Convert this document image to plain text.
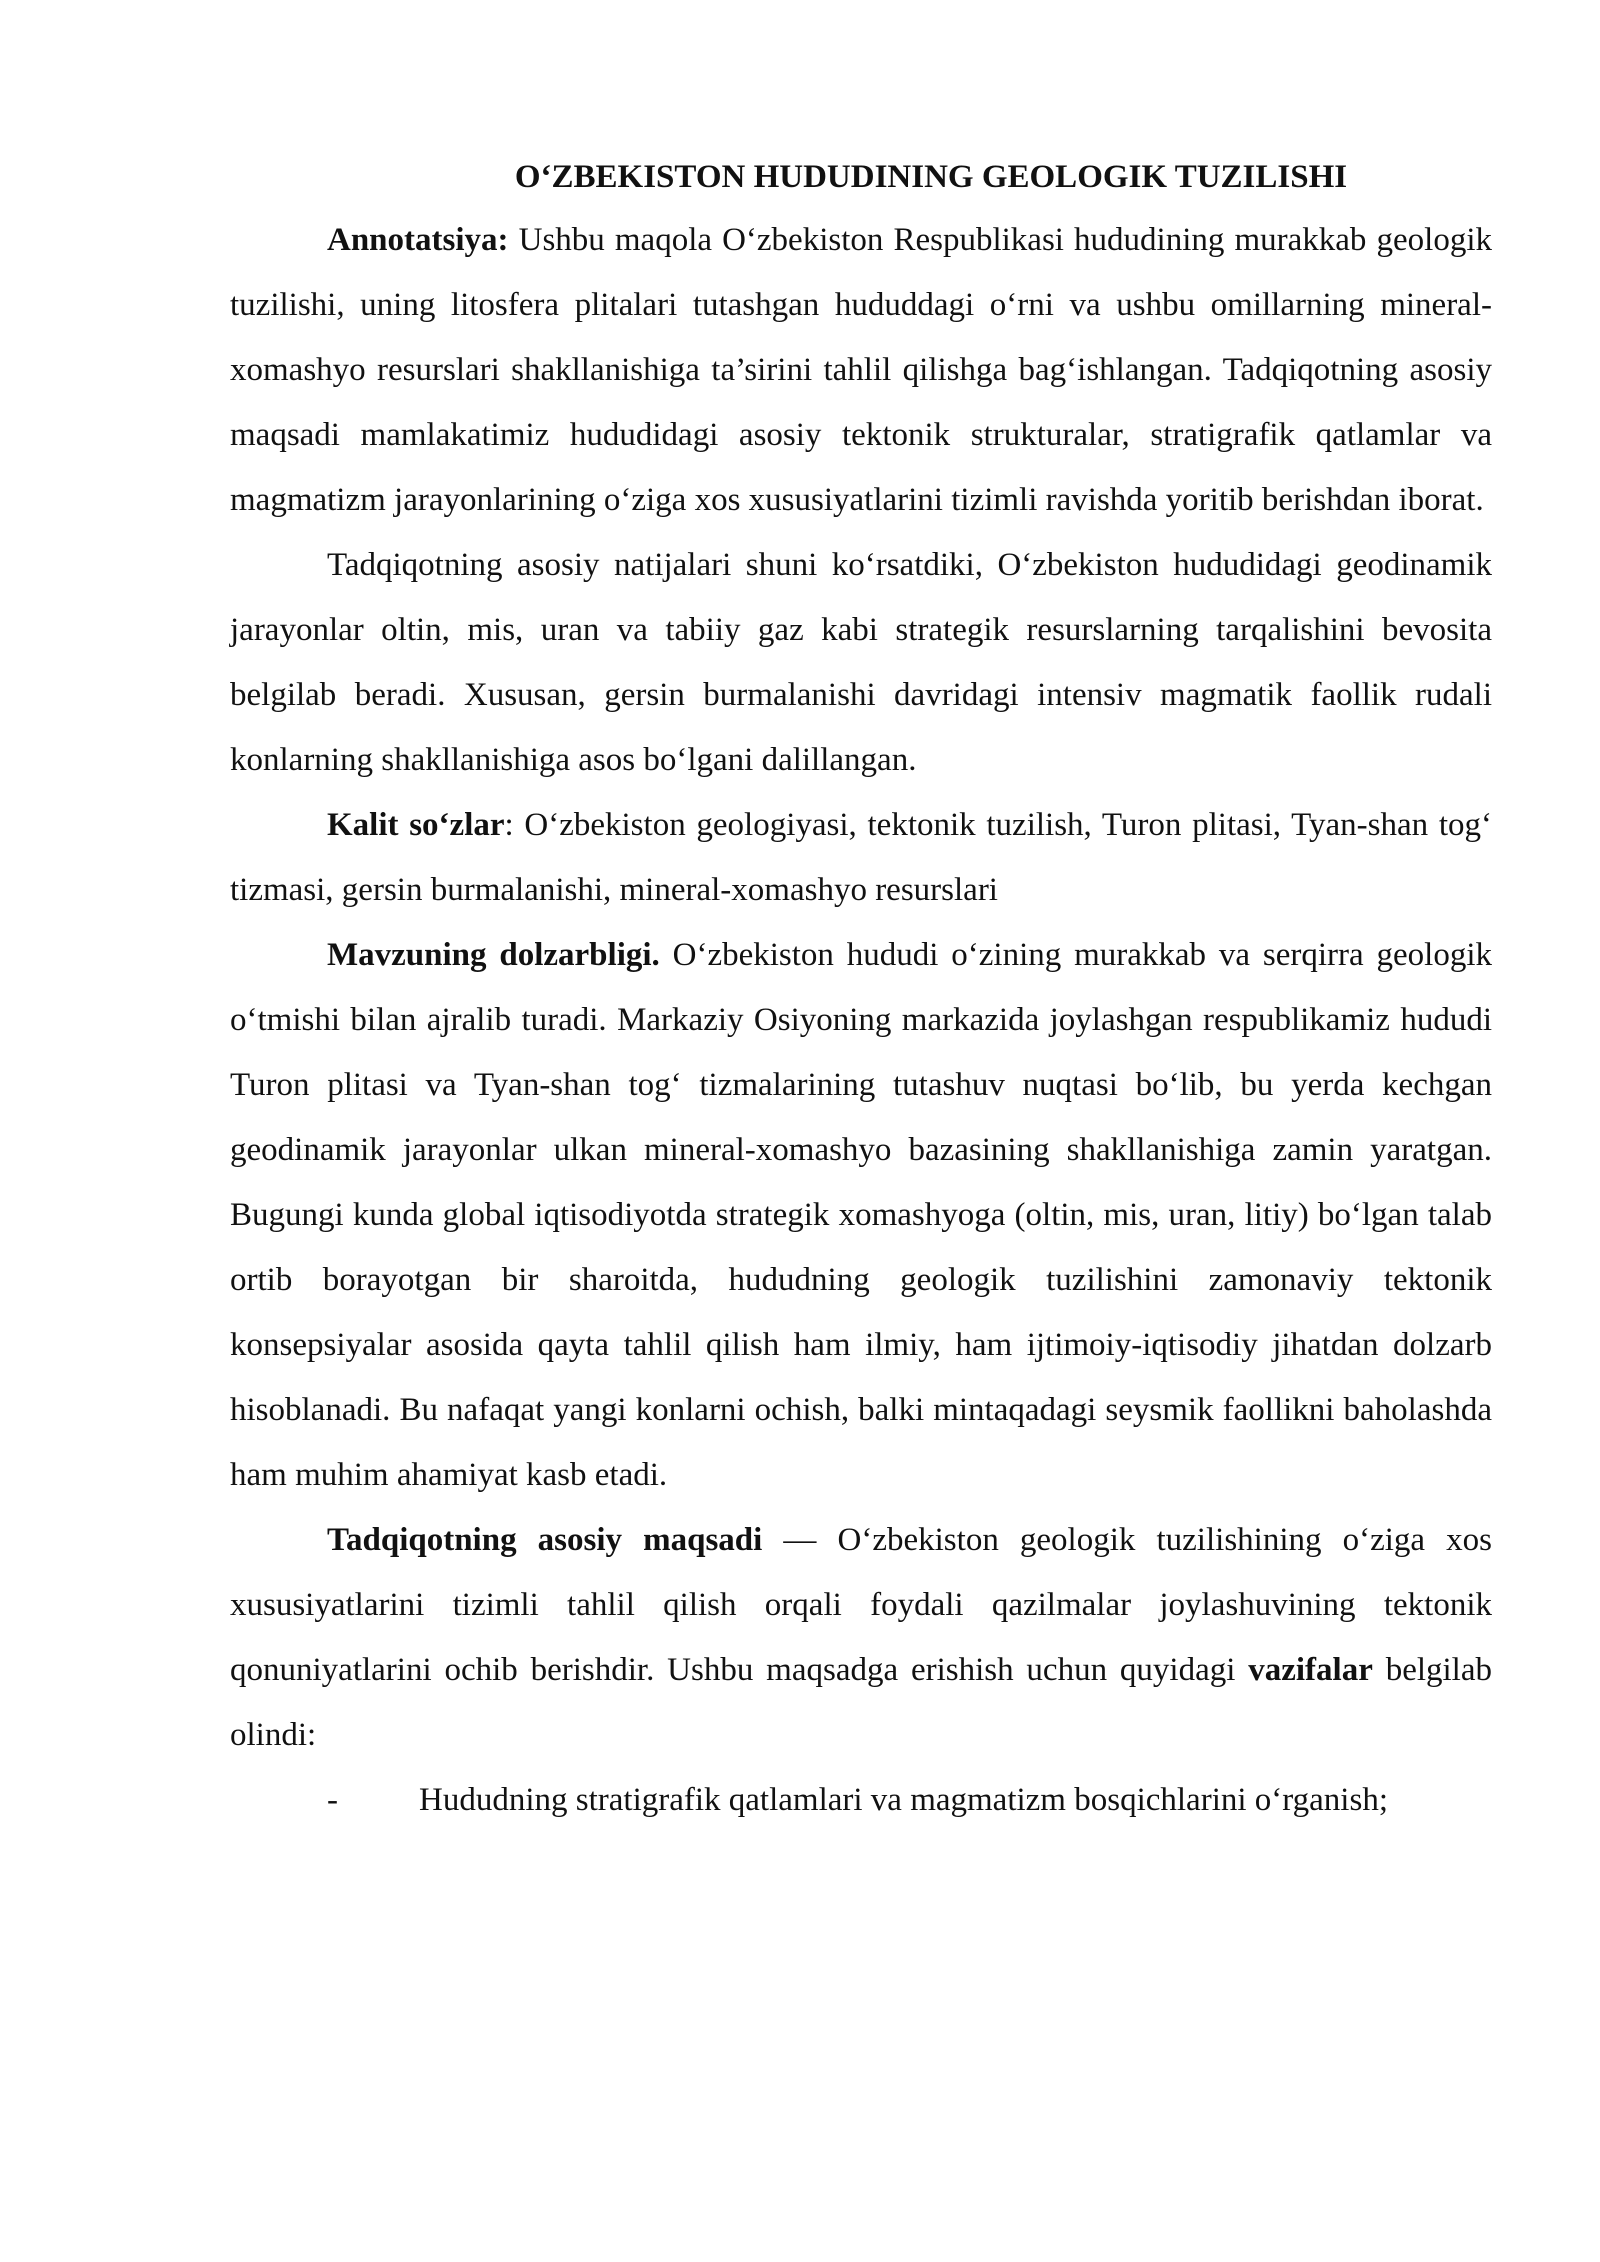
O‘ZBEKISTON HUDUDINING GEOLOGIK TUZILISHI

Annotatsiya: Ushbu maqola O‘zbekiston Respublikasi hududining murakkab geologik tuzilishi, uning litosfera plitalari tutashgan hududdagi o‘rni va ushbu omillarning mineral-xomashyo resurslari shakllanishiga ta’sirini tahlil qilishga bag‘ishlangan. Tadqiqotning asosiy maqsadi mamlakatimiz hududidagi asosiy tektonik strukturalar, stratigrafik qatlamlar va magmatizm jarayonlarining o‘ziga xos xususiyatlarini tizimli ravishda yoritib berishdan iborat.

Tadqiqotning asosiy natijalari shuni ko‘rsatdiki, O‘zbekiston hududidagi geodinamik jarayonlar oltin, mis, uran va tabiiy gaz kabi strategik resurslarning tarqalishini bevosita belgilab beradi. Xususan, gersin burmalanishi davridagi intensiv magmatik faollik rudali konlarning shakllanishiga asos bo‘lgani dalillangan.

Kalit so‘zlar: O‘zbekiston geologiyasi, tektonik tuzilish, Turon plitasi, Tyan-shan tog‘ tizmasi, gersin burmalanishi, mineral-xomashyo resurslari

Mavzuning dolzarbligi. O‘zbekiston hududi o‘zining murakkab va serqirra geologik o‘tmishi bilan ajralib turadi. Markaziy Osiyoning markazida joylashgan respublikamiz hududi Turon plitasi va Tyan-shan tog‘ tizmalarining tutashuv nuqtasi bo‘lib, bu yerda kechgan geodinamik jarayonlar ulkan mineral-xomashyo bazasining shakllanishiga zamin yaratgan. Bugungi kunda global iqtisodiyotda strategik xomashyoga (oltin, mis, uran, litiy) bo‘lgan talab ortib borayotgan bir sharoitda, hududning geologik tuzilishini zamonaviy tektonik konsepsiyalar asosida qayta tahlil qilish ham ilmiy, ham ijtimoiy-iqtisodiy jihatdan dolzarb hisoblanadi. Bu nafaqat yangi konlarni ochish, balki mintaqadagi seysmik faollikni baholashda ham muhim ahamiyat kasb etadi.

Tadqiqotning asosiy maqsadi — O‘zbekiston geologik tuzilishining o‘ziga xos xususiyatlarini tizimli tahlil qilish orqali foydali qazilmalar joylashuvining tektonik qonuniyatlarini ochib berishdir. Ushbu maqsadga erishish uchun quyidagi vazifalar belgilab olindi:

- Hududning stratigrafik qatlamlari va magmatizm bosqichlarini o‘rganish;
